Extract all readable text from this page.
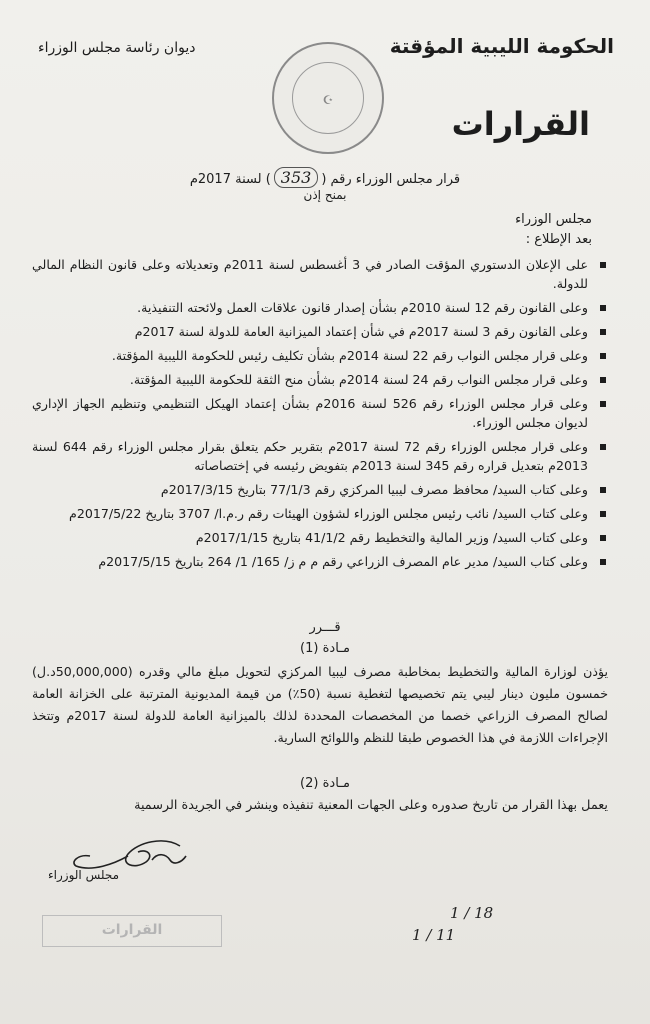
الحكومة الليبية المؤقتة
ديوان رئاسة مجلس الوزراء
☪
القرارات
قرار مجلس الوزراء رقم (353) لسنة 2017م
بمنح إذن
مجلس الوزراء
بعد الإطلاع :
على الإعلان الدستوري المؤقت الصادر في 3 أغسطس لسنة 2011م وتعديلاته وعلى قانون النظام المالي للدولة.
وعلى القانون رقم 12 لسنة 2010م بشأن إصدار قانون علاقات العمل ولائحته التنفيذية.
وعلى القانون رقم 3 لسنة 2017م في شأن إعتماد الميزانية العامة للدولة لسنة 2017م
وعلى قرار مجلس النواب رقم 22 لسنة 2014م بشأن تكليف رئيس للحكومة الليبية المؤقتة.
وعلى قرار مجلس النواب رقم 24 لسنة 2014م بشأن منح الثقة للحكومة الليبية المؤقتة.
وعلى قرار مجلس الوزراء رقم 526 لسنة 2016م بشأن إعتماد الهيكل التنظيمي وتنظيم الجهاز الإداري لديوان مجلس الوزراء.
وعلى قرار مجلس الوزراء رقم 72 لسنة 2017م بتقرير حكم يتعلق بقرار مجلس الوزراء رقم 644 لسنة 2013م بتعديل قراره رقم 345 لسنة 2013م بتفويض رئيسه في إختصاصاته
وعلى كتاب السيد/ محافظ مصرف ليبيا المركزي رقم 77/1/3 بتاريخ 2017/3/15م
وعلى كتاب السيد/ نائب رئيس مجلس الوزراء لشؤون الهيئات رقم ر.م.ا/ 3707 بتاريخ 2017/5/22م
وعلى كتاب السيد/ وزير المالية والتخطيط رقم 41/1/2 بتاريخ 2017/1/15م
وعلى كتاب السيد/ مدير عام المصرف الزراعي رقم م م ز/ 165/ 1/ 264 بتاريخ 2017/5/15م
قـــرر
مـادة (1)
يؤذن لوزارة المالية والتخطيط بمخاطبة مصرف ليبيا المركزي لتحويل مبلغ مالي وقدره (50,000,000د.ل) خمسون مليون دينار ليبي يتم تخصيصها لتغطية نسبة (50٪) من قيمة المديونية المترتبة على الخزانة العامة لصالح المصرف الزراعي خصما من المخصصات المحددة لذلك بالميزانية العامة للدولة لسنة 2017م وتتخذ الإجراءات اللازمة في هذا الخصوص طبقا للنظم واللوائح السارية.
مـادة (2)
يعمل بهذا القرار من تاريخ صدوره وعلى الجهات المعنية تنفيذه وينشر في الجريدة الرسمية
مجلس الوزراء
18 / 1
11 / 1
القرارات
